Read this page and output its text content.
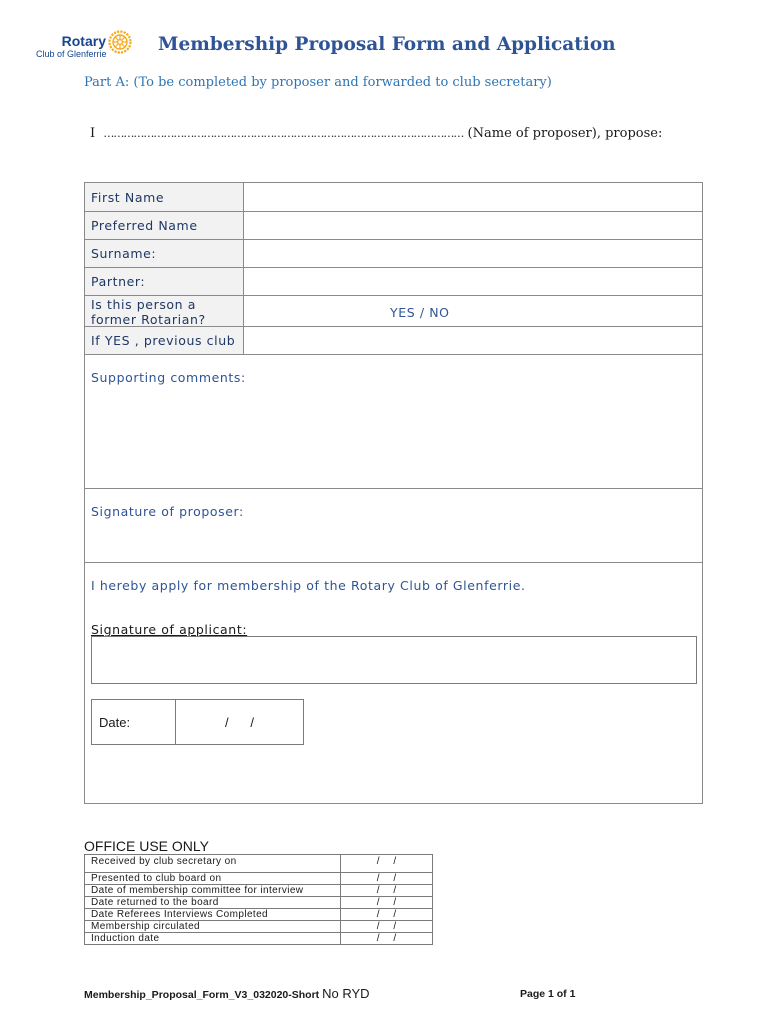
Rotary
Club of Glenferrie	Membership Proposal Form and Application
Part A: (To be completed by proposer and forwarded to club secretary)
I ……………………………………………………………………………………………… (Name of proposer), propose:
First Name
Preferred Name
Surname:
Partner:
Is this person a former Rotarian?	YES / NO
If YES , previous club
Supporting comments:
Signature of proposer:
I hereby apply for membership of the Rotary Club of Glenferrie.
Signature of applicant:
Date:	/      /
OFFICE USE ONLY
Received by club secretary on	/     /
Presented to club board on	/     /
Date of membership committee for interview	/     /
Date returned to the board	/     /
Date Referees Interviews Completed	/     /
Membership circulated	/     /
Induction date	/     /
Membership_Proposal_Form_V3_032020-Short No RYD	Page 1 of 1
